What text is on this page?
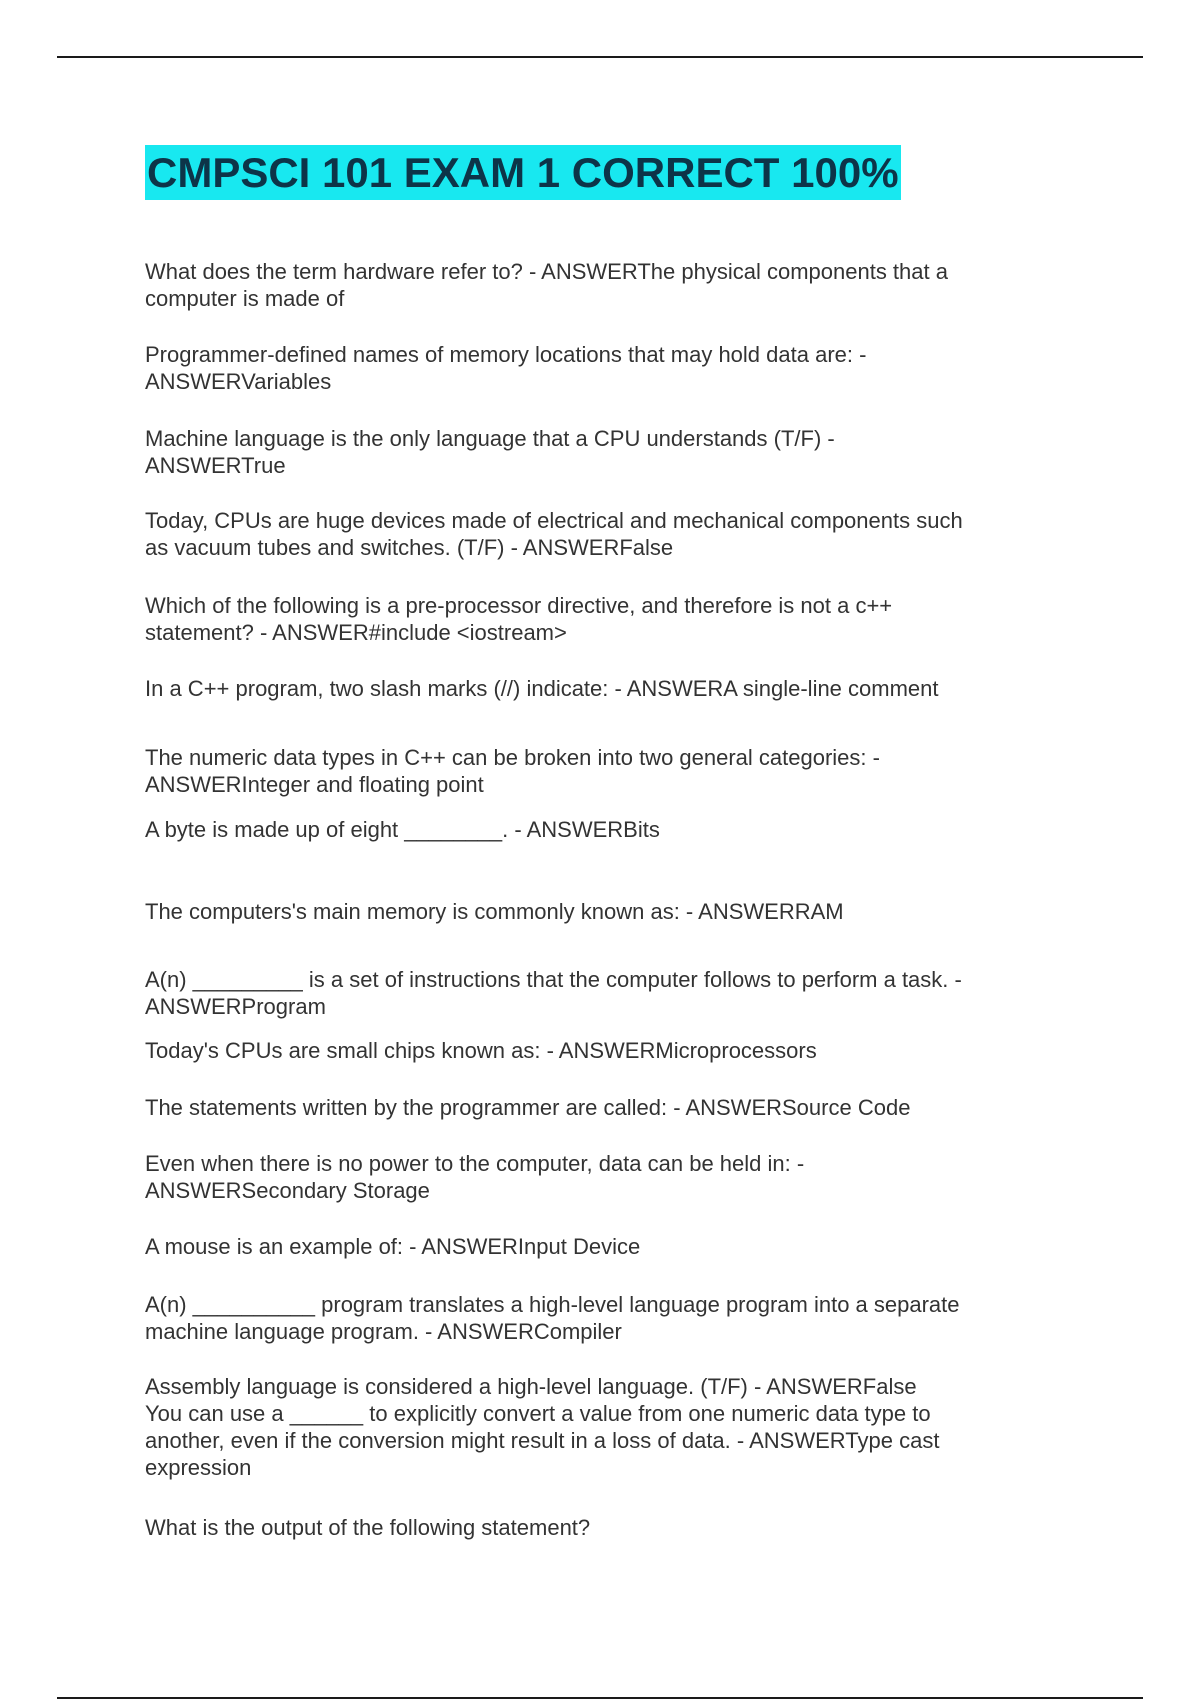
CMPSCI 101 EXAM 1 CORRECT 100%

What does the term hardware refer to? - ANSWERThe physical components that a
computer is made of

Programmer-defined names of memory locations that may hold data are: -
ANSWERVariables

Machine language is the only language that a CPU understands (T/F) -
ANSWERTrue

Today, CPUs are huge devices made of electrical and mechanical components such
as vacuum tubes and switches. (T/F) - ANSWERFalse

Which of the following is a pre-processor directive, and therefore is not a c++
statement? - ANSWER#include <iostream>

In a C++ program, two slash marks (//) indicate: - ANSWERA single-line comment

The numeric data types in C++ can be broken into two general categories: -
ANSWERInteger and floating point

A byte is made up of eight ________. - ANSWERBits

The computers's main memory is commonly known as: - ANSWERRAM

A(n) _________ is a set of instructions that the computer follows to perform a task. -
ANSWERProgram

Today's CPUs are small chips known as: - ANSWERMicroprocessors

The statements written by the programmer are called: - ANSWERSource Code

Even when there is no power to the computer, data can be held in: -
ANSWERSecondary Storage

A mouse is an example of: - ANSWERInput Device

A(n) __________ program translates a high-level language program into a separate
machine language program. - ANSWERCompiler

Assembly language is considered a high-level language. (T/F) - ANSWERFalse
You can use a ______ to explicitly convert a value from one numeric data type to
another, even if the conversion might result in a loss of data. - ANSWERType cast
expression

What is the output of the following statement?
